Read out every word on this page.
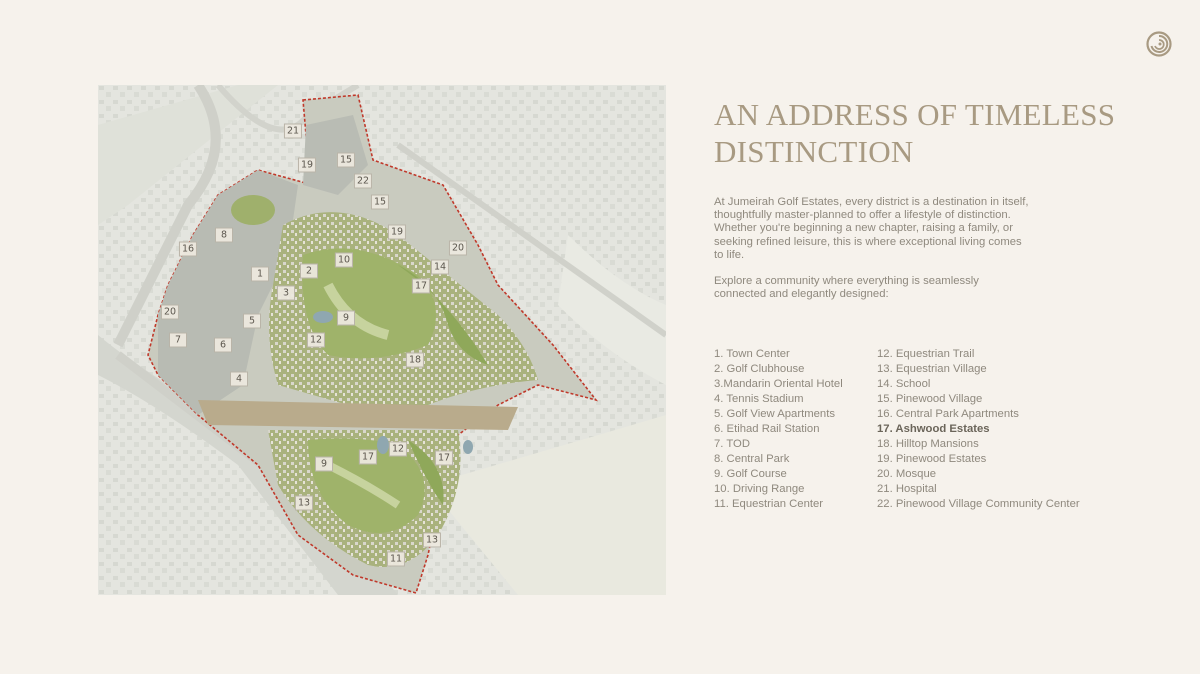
21
19	15
22
15
19
20
14
8
16
10
2
1
17
3
20
5	9
7	12
6
18
4
9
17
12
17
13
13
11
AN ADDRESS OF TIMELESS
DISTINCTION

At Jumeirah Golf Estates, every district is a destination in itself, thoughtfully master-planned to offer a lifestyle of distinction. Whether you're beginning a new chapter, raising a family, or seeking refined leisure, this is where exceptional living comes to life.

Explore a community where everything is seamlessly connected and elegantly designed:

1. Town Center
2. Golf Clubhouse
3.Mandarin Oriental Hotel
4. Tennis Stadium
5. Golf View Apartments
6. Etihad Rail Station
7. TOD
8. Central Park
9. Golf Course
10. Driving Range
11. Equestrian Center
12. Equestrian Trail
13. Equestrian Village
14. School
15. Pinewood Village
16. Central Park Apartments
17. Ashwood Estates
18. Hilltop Mansions
19. Pinewood Estates
20. Mosque
21. Hospital
22. Pinewood Village Community Center
